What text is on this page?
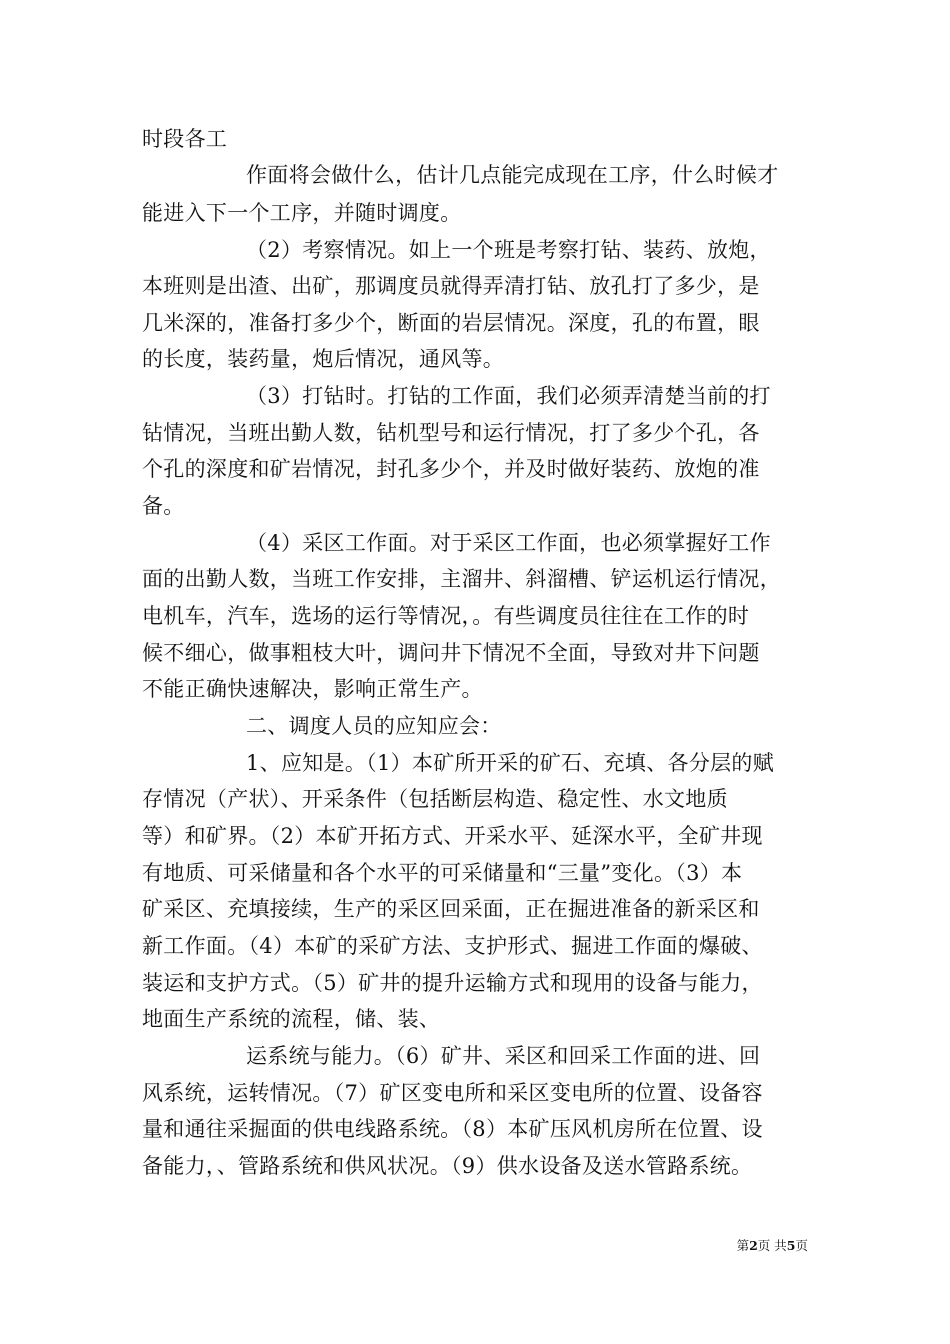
时段各工
作面将会做什么，估计几点能完成现在工序，什么时候才
能进入下一个工序，并随时调度。
（2）考察情况。如上一个班是考察打钻、装药、放炮，
本班则是出渣、出矿，那调度员就得弄清打钻、放孔打了多少，是
几米深的，准备打多少个，断面的岩层情况。深度，孔的布置，眼
的长度，装药量，炮后情况，通风等。
（3）打钻时。打钻的工作面，我们必须弄清楚当前的打
钻情况，当班出勤人数，钻机型号和运行情况，打了多少个孔，各
个孔的深度和矿岩情况，封孔多少个，并及时做好装药、放炮的准
备。
（4）采区工作面。对于采区工作面，也必须掌握好工作
面的出勤人数，当班工作安排，主溜井、斜溜槽、铲运机运行情况，
电机车，汽车，选场的运行等情况，。有些调度员往往在工作的时
候不细心，做事粗枝大叶，调问井下情况不全面，导致对井下问题
不能正确快速解决，影响正常生产。
二、调度人员的应知应会：
1、应知是。（1）本矿所开采的矿石、充填、各分层的赋
存情况（产状）、开采条件（包括断层构造、稳定性、水文地质
等）和矿界。（2）本矿开拓方式、开采水平、延深水平，全矿井现
有地质、可采储量和各个水平的可采储量和“三量”变化。（3）本
矿采区、充填接续，生产的采区回采面，正在掘进准备的新采区和
新工作面。（4）本矿的采矿方法、支护形式、掘进工作面的爆破、
装运和支护方式。（5）矿井的提升运输方式和现用的设备与能力，
地面生产系统的流程，储、装、
运系统与能力。（6）矿井、采区和回采工作面的进、回
风系统，运转情况。（7）矿区变电所和采区变电所的位置、设备容
量和通往采掘面的供电线路系统。（8）本矿压风机房所在位置、设
备能力，、管路系统和供风状况。（9）供水设备及送水管路系统。
第2页 共5页
